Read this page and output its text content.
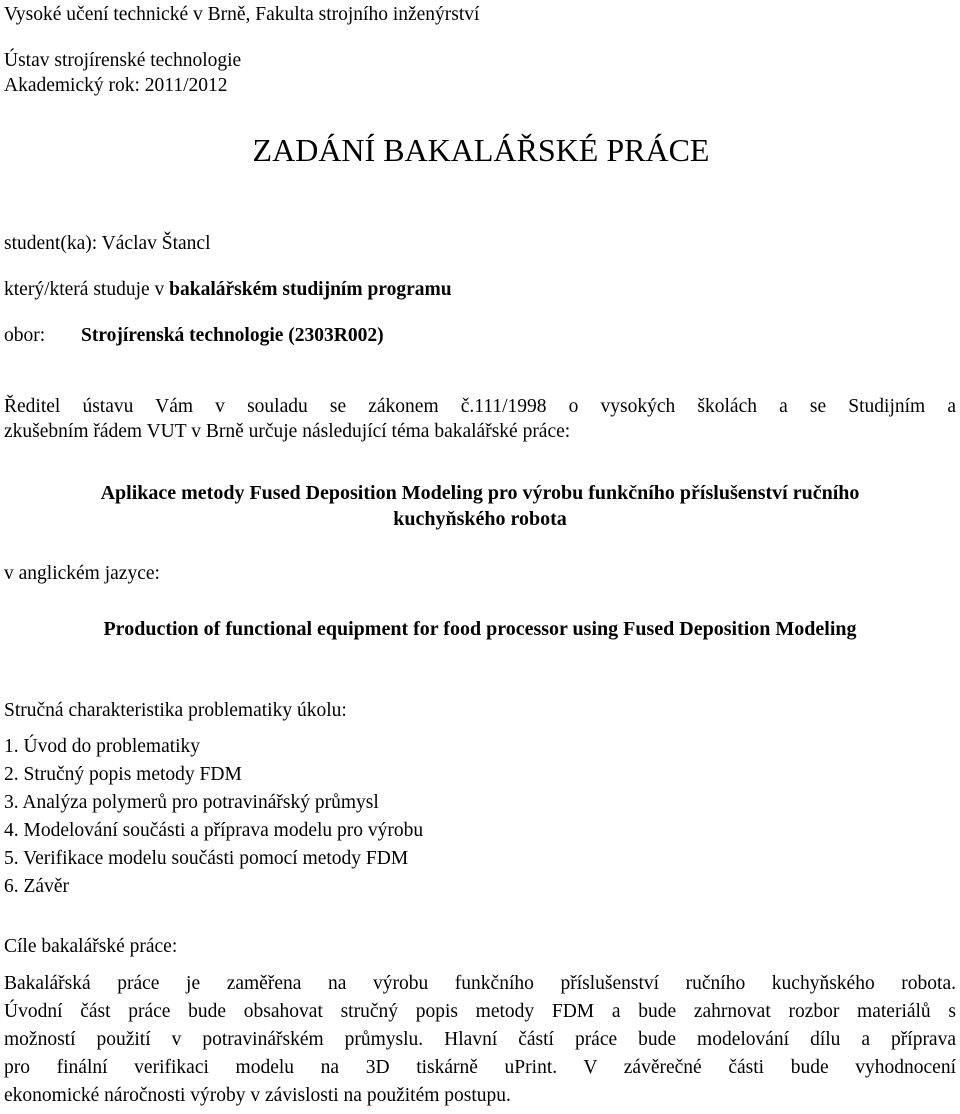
Vysoké učení technické v Brně, Fakulta strojního inženýrství
Ústav strojírenské technologie
Akademický rok: 2011/2012
ZADÁNÍ BAKALÁŘSKÉ PRÁCE
student(ka): Václav Štancl
který/která studuje v bakalářském studijním programu
obor: Strojírenská technologie (2303R002)
Ředitel ústavu Vám v souladu se zákonem č.111/1998 o vysokých školách a se Studijním a
zkušebním řádem VUT v Brně určuje následující téma bakalářské práce:
Aplikace metody Fused Deposition Modeling pro výrobu funkčního příslušenství ručního
kuchyňského robota
v anglickém jazyce:
Production of functional equipment for food processor using Fused Deposition Modeling
Stručná charakteristika problematiky úkolu:
1. Úvod do problematiky
2. Stručný popis metody FDM
3. Analýza polymerů pro potravinářský průmysl
4. Modelování součásti a příprava modelu pro výrobu
5. Verifikace modelu součásti pomocí metody FDM
6. Závěr
Cíle bakalářské práce:
Bakalářská práce je zaměřena na výrobu funkčního příslušenství ručního kuchyňského robota.
Úvodní část práce bude obsahovat stručný popis metody FDM a bude zahrnovat rozbor materiálů s
možností použití v potravinářském průmyslu. Hlavní částí práce bude modelování dílu a příprava
pro finální verifikaci modelu na 3D tiskárně uPrint. V závěrečné části bude vyhodnocení
ekonomické náročnosti výroby v závislosti na použitém postupu.
